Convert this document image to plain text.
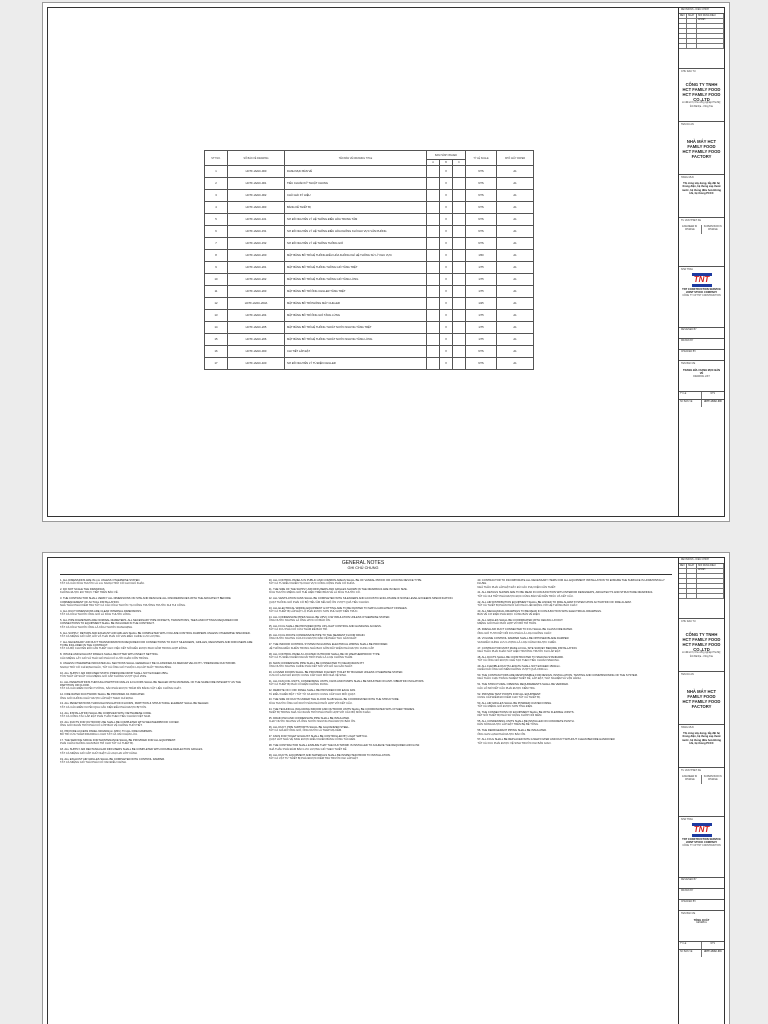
STT NO.	SỐ BẢN VẼ DRAWING	TÊN BẢN VẼ DRAWING TITLE	BAN HÀNH ISSUED			TỶ LỆ SCALE	KHỔ GIẤY PAPER
			A	B	C		
1	HCTF-HVAC-000	DANH MỤC BẢN VẼ		X		NTS	A1
2	HCTF-HVAC-001	TIÊU CHUẨN KỸ THUẬT CHUNG		X		NTS	A1
3	HCTF-HVAC-002	CHÚ GIẢI KÝ HIỆU		X		NTS	A1
4	HCTF-HVAC-003	BẢNG KÊ THIẾT BỊ		X		NTS	A1
5	HCTF-HVAC-101	SƠ ĐỒ NGUYÊN LÝ HỆ THỐNG ĐIỀU HÒA TRUNG TÂM		X		NTS	A1
6	HCTF-HVAC-151	SƠ ĐỒ NGUYÊN LÝ HỆ THỐNG ĐIỀU HÒA KHÔNG KHÍ KHU VỰC VĂN PHÒNG		X		NTS	A1
7	HCTF-HVAC-152	SƠ ĐỒ NGUYÊN LÝ HỆ THỐNG THÔNG GIÓ		X		NTS	A1
8	HCTF-HVAC-200	MẶT BẰNG BỐ TRÍ HỆ THỐNG ĐIỀU HÒA KHÔNG KHÍ HỆ THỐNG SỬ LÝ KHU VỰC		X		1/50	A1
9	HCTF-HVAC-201	MẶT BẰNG BỐ TRÍ HỆ THỐNG THÔNG GIÓ TẦNG TRỆT		X		1/75	A1
10	HCTF-HVAC-202	MẶT BẰNG BỐ TRÍ HỆ THỐNG THÔNG GIÓ TẦNG LỬNG		X		1/75	A1
11	HCTF-HVAC-203	MẶT BẰNG BỐ TRÍ ỐNG CHILLER TẦNG TRỆT		X		1/75	A1
12	HCTF-HVAC-203A	MẶT BẰNG BỐ TRÍ PHÒNG MÁY CHILLER		X		1/25	A1
13	HCTF-HVAC-204	MẶT BẰNG BỐ TRÍ ỐNG GIÓ TẦNG LỬNG		X		1/75	A1
14	HCTF-HVAC-205	MẶT BẰNG BỐ TRÍ HỆ THỐNG THOÁT NƯỚC NGƯNG TẦNG TRỆT		X		1/75	A1
15	HCTF-HVAC-206	MẶT BẰNG BỐ TRÍ HỆ THỐNG THOÁT NƯỚC NGƯNG TẦNG LỬNG		X		1/75	A1
16	HCTF-HVAC-300	CHI TIẾT LẮP ĐẶT		X		NTS	A1
17	HCTF-HVAC-400	SƠ ĐỒ NGUYÊN LÝ TỦ ĐIỆN CHILLER		X		NTS	A1
REVISIONS - DIEU CHINH
REV	NGAY	NOI DUNG DIEU CHINH
CHU DAU TU
CÔNG TY TNHH HCT FAMILY FOOD
HCT FAMILY FOOD CO.,LTD
Lô đất số 3, Khu công nghiệp Phú Mỹ, tỉnh Bà Rịa - Vũng Tàu
TEN DU AN
NHÀ MÁY HCT FAMILY FOOD
HCT FAMILY FOOD FACTORY
HANG MUC
Thi công xây dựng, lắp đặt hệ thống điện, hệ thống cấp thoát nước, hệ thống điều hoà không khí, hệ thống PCCC
TU VAN THIET KE
ENGINEER IN CHARGE
SUPERVISOR IN CHARGE
NHA THAU
TNT
TNT CONSTRUCTION SERVICE JOINT STOCK COMPANY
CÔNG TY CP TNT CONSTRUCTION
DESIGNED BY
DRAWN BY
CHECKED BY
TEN BAN VE
TRANG BÌA / DANH MỤC BẢN VẼ
DRAWING LIST
TY LE	NTS
SO BAN VE	HCTF-HVAC-000
GENERAL NOTES
GHI CHÚ CHUNG
1. ALL DIMENSIONS ARE IN mm UNLESS OTHERWISE STATED.
TẤT CẢ CÁC KÍCH THƯỚC LÀ mm NGOẠI TRỪ CÓ GHI CHÚ KHÁC.
2. DO NOT SCALE THE DRAWINGS.
KHÔNG ĐƯỢC ĐO TRỰC TIẾP TRÊN BẢN VẼ.
3. THE CONTRACTOR SHALL VERIFY ALL DIMENSIONS ON SITE AND RESOLVE ALL DISCREPANCIES WITH THE ARCHITECT BEFORE COMMENCEMENT OF ACTUAL INSTALLATION.
NHÀ THẦU PHẢI KIỂM TRA TẤT CẢ CÁC KÍCH THƯỚC TẠI CÔNG TRƯỜNG TRƯỚC KHI THI CÔNG.
4. ALL DUCT DIMENSIONS ARE CLEAR INTERNAL DIMENSIONS.
TẤT CẢ KÍCH THƯỚC ỐNG GIÓ LÀ KÍCH THƯỚC LÒNG.
5. ALL PIPE DIAMETERS ARE NOMINAL DIAMETERS. ALL NECESSARY PIPE OFFSETS, TRANSITIONS, TEES AND FITTINGS REQUIRED FOR CONNECTIONS TO EQUIPMENT SHALL BE INCLUDED IN THE CONTRACT.
TẤT CẢ KÍCH THƯỚC ỐNG LÀ KÍCH THƯỚC DANH ĐỊNH.
6. ALL SUPPLY, RETURN AND EXHAUST AIR GRILLES SHALL BE COMPLETED WITH VOLUME CONTROL DAMPERS UNLESS OTHERWISE SPECIFIED.
TẤT CẢ MIỆNG GIÓ CẤP, HỒI VÀ THẢI PHẢI CÓ VAN ĐIỀU CHỈNH LƯU LƯỢNG.
7. ALL NECESSARY AIR DUCT TRANSFORMATION REQUIRED FOR CONNECTIONS TO DUCT SILENCERS, GRILLES, REGISTERS AND DIFFUSERS ARE TO BE INCLUDED IN THE CONTRACT.
TẤT CẢ BỘ CHUYỂN ĐỔI CẦN THIẾT CHO VIỆC KẾT NỐI ĐỀU ĐƯỢC BAO GỒM TRONG HỢP ĐỒNG.
8. INTAKE AND EXHAUST PANELS SHALL BE FITTED WITH INSECT NETTING.
CÁC MIỆNG LẤY GIÓ VÀ THẢI GIÓ PHẢI CÓ LƯỚI CHẮN CÔN TRÙNG.
9. UNLESS OTHERWISE INDICATED ALL SECTIONS SHALL GENERALLY BE CLASSIFIED AS MEDIUM VELOCITY / PRESSURE DUCTWORK.
NGOẠI TRỪ CÓ CHỈ ĐỊNH KHÁC, TẤT CẢ ỐNG GIÓ THUỘC LOẠI ÁP SUẤT TRUNG BÌNH.
10. ALL SUPPLY AIR DIFFUSER STATIC PRESSURE DROP SHALL NOT EXCEED 25Pa.
TỔN THẤT ÁP SUẤT CỦA MIỆNG GIÓ CẤP KHÔNG VƯỢT QUÁ 25Pa.
11. ALL PENETRATIONS THROUGH PARTITION WALLS & FLOORS SHALL BE SEALED WITH MATERIAL OF THE SAME FIRE INTEGRITY AS THE PARTITION OR FLOOR.
TẤT CẢ CÁC ĐIỂM XUYÊN TƯỜNG, SÀN PHẢI ĐƯỢC TRÁM KÍN BẰNG VẬT LIỆU CHỐNG CHÁY.
12. FIRE RATED DUCTWORK SHALL BE PROVIDED AS INDICATED.
ỐNG GIÓ CHỐNG CHÁY ĐƯỢC LẮP ĐẶT THEO CHỈ ĐỊNH.
13. ALL PENETRATIONS THROUGH INSULATION FLOORS, PARTITION & STRUCTURAL ELEMENT SHALL BE SEALED.
TẤT CẢ CÁC ĐIỂM XUYÊN QUA CẤU KIỆN ĐỀU PHẢI ĐƯỢC BỊT KÍN.
14. ALL INSTALLATION SHALL BE COMPLIED WITH VIETNAMESE CODE.
TẤT CẢ CÔNG TÁC LẮP ĐẶT PHẢI TUÂN THEO TIÊU CHUẨN VIỆT NAM.
15. ALL DUCTS FOR OUTDOOR USE SHALL BE COMPLETED WITH WEATHERPROOF COVER.
ỐNG GIÓ NGOÀI TRỜI PHẢI CÓ LỚP BẢO VỆ CHỐNG THỜI TIẾT.
16. PROVIDE ACCESS PANEL 600x600mm (MIN.) TO ALL FIRE DAMPERS.
BỐ TRÍ CỬA THĂM 600x600mm CHO TẤT CẢ VAN CHẶN LỬA.
17. THE SERVICE SPACE FOR MAINTENANCE SHALL BE PROVIDED FOR ALL EQUIPMENT.
PHẢI CHỪA KHÔNG GIAN BẢO TRÌ CHO TẤT CẢ THIẾT BỊ.
18. ALL SUPPLY AIR RECTANGULAR DIFFUSERS SHALL BE COMPLETED WITH DOUBLE DEFLECTION GRILLES.
TẤT CẢ MIỆNG GIÓ CẤP CHỮ NHẬT LÀ LOẠI HAI LỚP CÁNH.
19. ALL EXHAUST AIR GRILLES SHALL BE COMPLETED WITH CONTROL DAMPER.
TẤT CẢ MIỆNG GIÓ THẢI PHẢI CÓ VAN ĐIỀU CHỈNH.
20. ALL CONTROL PANELS IN PUBLIC AND COMMON AREAS SHALL BE OF VANDAL PROOF OR LOCKING DEVICE TYPE.
TẤT CẢ TỦ ĐIỀU KHIỂN TẠI KHU VỰC CÔNG CỘNG PHẢI CÓ KHÓA.
21. THE SIZE OF THE SUPPLY AIR DIFFUSERS AND GRILLES SHOWN IN THE DRAWINGS ARE IN NECK SIZE.
KÍCH THƯỚC MIỆNG GIÓ THỂ HIỆN TRÊN BẢN VẼ LÀ KÍCH THƯỚC CỔ.
22. ALL VENTILATION FANS SHALL BE COMPLETED WITH SILENCERS AND ACOUSTIC ENCLOSURE IF NOISE LEVEL EXCEEDS SPECIFICATION.
QUẠT THÔNG GIÓ PHẢI CÓ BỘ TIÊU ÂM NẾU ĐỘ ỒN VƯỢT QUÁ TIÊU CHUẨN.
23. ALL ELECTRICAL WIRING EQUIPMENT & FITTING ARE TO BE PAINTED TO MATCH ARCHITECT FINISHES.
TẤT CẢ THIẾT BỊ LẮP ĐẶT LỘ PHẢI ĐƯỢC SƠN PHÙ HỢP KIẾN TRÚC.
24. ALL CONDENSATE PIPES SHALL BE UPVC C/W INSULATION UNLESS OTHERWISE STATED.
ỐNG NƯỚC NGƯNG LÀ ỐNG uPVC CÓ BẢO ÔN.
25. ALL FCUs SHALL BE PROVIDED WITH UP-LIGHT CONTROL AND HANDLING ACCESS.
TẤT CẢ FCU PHẢI CÓ CỬA THĂM ĐỂ BẢO TRÌ.
26. ALL FCUs ROUTE CONDENSATE PIPE TO THE NEAREST FLOOR DRAIN.
ỐNG NƯỚC NGƯNG CỦA FCU ĐƯỢC DẪN VỀ PHỄU THU GẦN NHẤT.
27. THE INDOOR CONTROL SYSTEM INCLUDING ELECTRICAL WIRING SHALL BE PROVIDED.
HỆ THỐNG ĐIỀU KHIỂN TRONG NHÀ BAO GỒM DÂY ĐIỆN PHẢI ĐƯỢC CUNG CẤP.
28. ALL CONTROL PANELS LOCATED OUTDOOR SHALL BE OF WEATHERPROOF TYPE.
TẤT CẢ TỦ ĐIỀU KHIỂN NGOÀI TRỜI PHẢI LÀ LOẠI CHỐNG THẤM.
29. MAIN CONDENSATE PIPE SHALL BE CONNECTED TO NEAR DRAIN PIT.
ỐNG NƯỚC NGƯNG CHÍNH PHẢI KẾT NỐI VỚI HỐ GA GẦN NHẤT.
30. LOUVER DOORS SHALL BE PROVIDED IN EVERY TOILET BY BUILDER UNLESS OTHERWISE STATED.
CỬA CÓ LAM GIÓ ĐƯỢC CUNG CẤP CHO MỖI NHÀ VỆ SINH.
31. ALL FAN COIL UNITS, CONDENSING UNITS, FANS AND PUMPS SHALL BE MOUNTED ON ANTI-VIBRATION ISOLATORS.
TẤT CẢ THIẾT BỊ PHẢI CÓ ĐỆM CHỐNG RUNG.
32. REMOTE ON / OFF PANEL SHALL BE PROVIDED FOR EACH FAN.
TỦ ĐIỀU KHIỂN BẬT / TẮT TỪ XA ĐƯỢC CUNG CẤP CHO MỖI QUẠT.
33. THE SIZE OF DUCTS UNDER THE FLOOR SLAB SHALL BE COORDINATED WITH THE STRUCTURE.
KÍCH THƯỚC ỐNG GIÓ DƯỚI SÀN PHẢI PHỐI HỢP VỚI KẾT CẤU.
34. THE TECHNICAL INCLUDING INDOOR AND OUTDOOR UNITS SHALL BE COORDINATED WITH OTHER TRADES.
THIẾT BỊ TRONG NHÀ VÀ NGOÀI TRỜI PHẢI PHỐI HỢP VỚI CÁC BỘ MÔN KHÁC.
35. DRAIN PAN AND CONDENSATE PIPE SHALL BE INSULATED.
KHAY NƯỚC NGƯNG VÀ ỐNG NƯỚC NGƯNG PHẢI ĐƯỢC BẢO ÔN.
36. ALL DUCT, PIPE SUPPORTS SHALL BE GALVANIZED STEEL.
TẤT CẢ GIÁ ĐỠ ỐNG GIÓ, ỐNG NƯỚC LÀ THÉP MẠ KẼM.
37. FANS FOR TOILET EXHAUST SHALL BE CONTROLLED BY LIGHT SWITCH.
QUẠT HÚT NHÀ VỆ SINH ĐƯỢC ĐIỀU KHIỂN BẰNG CÔNG TẮC ĐÈN.
38. THE CONTRACTOR SHALL ENSURE THAT THE DUCTWORK IS INSTALLED TO ACHIEVE THE REQUIRED AIR FLOW.
NHÀ THẦU PHẢI ĐẢM BẢO LƯU LƯỢNG GIÓ THEO THIẾT KẾ.
39. ALL DUCTS, EQUIPMENT AND MATERIALS SHALL BE INSPECTED PRIOR TO INSTALLATION.
TẤT CẢ VẬT TƯ THIẾT BỊ PHẢI ĐƯỢC KIỂM TRA TRƯỚC KHI LẮP ĐẶT.
40. CONTRACTOR TO INCORPORATE ALL NECESSARY ITEMS FOR ALL EQUIPMENT INSTALLATION TO ENSURE THE SURFACE IS HORIZONTALLY FLUSH.
NHÀ THẦU PHẢI LẮP ĐẶT ĐẦY ĐỦ CÁC PHỤ KIỆN CẦN THIẾT.
41. ALL DETAILS SHOWN ARE TO BE READ IN CONJUNCTION WITH INTERIOR DESIGNER'S, ARCHITECT'S AND STRUCTURE DRAWINGS.
TẤT CẢ CHI TIẾT PHẢI ĐƯỢC ĐỌC CÙNG BẢN VẼ KIẾN TRÚC VÀ KẾT CẤU.
42. ALL AIR DISTRIBUTION EQUIPMENT SHALL BE LINKED TO FIRE ALARM SYSTEM UPON ACTIVATION OF FIRE ALARM.
TẤT CẢ THIẾT BỊ PHÂN PHỐI GIÓ PHẢI LIÊN ĐỘNG VỚI HỆ THỐNG BÁO CHÁY.
43. ALL MECHANICAL DRAWINGS TO BE READ IN CONJUNCTION WITH ELECTRICAL DRAWINGS.
BẢN VẼ CƠ ĐIỆN PHẢI ĐỌC CÙNG BẢN VẼ ĐIỆN.
44. ALL GRILLES SHALL BE COORDINATED WITH CEILING LAYOUT.
MIỆNG GIÓ PHẢI PHỐI HỢP VỚI BỐ TRÍ TRẦN.
45. FRESH AIR DUCT CONNECTED TO FCU SHALL BE CLASS FIRE RATED.
ỐNG GIÓ TƯƠI KẾT NỐI FCU PHẢI LÀ LOẠI CHỐNG CHÁY.
46. VOLUME CONTROL DAMPER SHALL BE OPPOSED BLADE DAMPER.
VAN ĐIỀU CHỈNH LƯU LƯỢNG LÀ LOẠI CÁNH NGƯỢC CHIỀU.
47. CONTRACTOR MUST MAKE A FULL SITE SURVEY BEFORE INSTALLATION.
NHÀ THẦU PHẢI KHẢO SÁT HIỆN TRƯỜNG TRƯỚC KHI LẮP ĐẶT.
48. ALL DUCTS SHALL BE CONSTRUCTED TO SMACNA STANDARD.
TẤT CẢ ỐNG GIÓ ĐƯỢC CHẾ TẠO THEO TIÊU CHUẨN SMACNA.
49. ALL FLEXIBLE DUCTS LENGTH SHALL NOT EXCEED 1500mm.
CHIỀU DÀI ỐNG GIÓ MỀM KHÔNG VƯỢT QUÁ 1500mm.
50. THE CONTRACTORS ARE RESPONSIBLE FOR DESIGN, INSTALLATION, TESTING AND COMMISSIONING OF THE SYSTEM.
NHÀ THẦU CHỊU TRÁCH NHIỆM THIẾT KẾ, LẮP ĐẶT, THỬ NGHIỆM VÀ VẬN HÀNH.
51. THE STRUCTURAL OPENING REQUIREMENTS SHALL BE VERIFIED.
CÁC LỖ MỞ KẾT CẤU PHẢI ĐƯỢC KIỂM TRA.
52. PROVIDE TEST POINTS FOR ALL EQUIPMENT.
CUNG CẤP ĐIỂM ĐO KIỂM CHO TẤT CẢ THIẾT BỊ.
53. ALL AIR GRILLES SHALL BE POWDER COATED FINISH.
TẤT CẢ MIỆNG GIÓ ĐƯỢC SƠN TĨNH ĐIỆN.
54. THE CONNECTIONS OF EQUIPMENT SHALL BE WITH FLEXIBLE JOINTS.
KẾT NỐI THIẾT BỊ PHẢI SỬ DỤNG KHỚP NỐI MỀM.
55. ALL CONDENSING UNITS SHALL BE INSTALLED ON CONCRETE PLINTH.
DÀN NÓNG ĐƯỢC LẮP ĐẶT TRÊN BỆ BÊ TÔNG.
56. THE REFRIGERANT PIPING SHALL BE INSULATED.
ỐNG GAS LẠNH PHẢI ĐƯỢC BẢO ÔN.
57. ALL FCUs SHALL BE REPLACED WITH A NEW FILTER AND DUCT WITHOUT CLEAN BEFORE HANDOVER.
TẤT CẢ FCU PHẢI ĐƯỢC VỆ SINH TRƯỚC KHI BÀN GIAO.
REVISIONS - DIEU CHINH
REV	NGAY	NOI DUNG DIEU CHINH
CHU DAU TU
CÔNG TY TNHH HCT FAMILY FOOD
HCT FAMILY FOOD CO.,LTD
Lô đất số 3, Khu công nghiệp Phú Mỹ, tỉnh Bà Rịa - Vũng Tàu
TEN DU AN
NHÀ MÁY HCT FAMILY FOOD
HCT FAMILY FOOD FACTORY
HANG MUC
Thi công xây dựng, lắp đặt hệ thống điện, hệ thống cấp thoát nước, hệ thống điều hoà không khí, hệ thống PCCC
TU VAN THIET KE
ENGINEER IN CHARGE
SUPERVISOR IN CHARGE
NHA THAU
TNT
TNT CONSTRUCTION SERVICE JOINT STOCK COMPANY
CÔNG TY CP TNT CONSTRUCTION
DESIGNED BY
DRAWN BY
CHECKED BY
TEN BAN VE
TỔNG QUÁT
GENERAL
TY LE	NTS
SO BAN VE	HCTF-HVAC-001
